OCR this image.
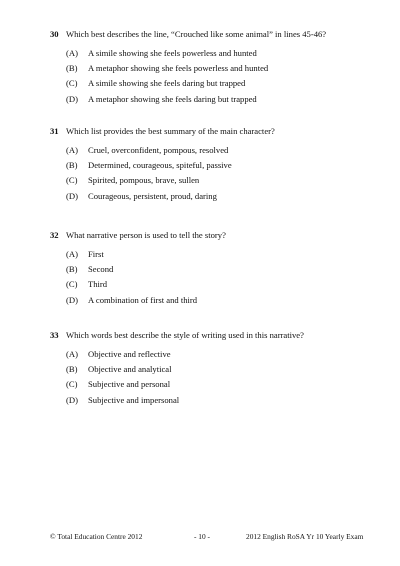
30 Which best describes the line, “Crouched like some animal” in lines 45-46?
(A)	A simile showing she feels powerless and hunted
(B)	A metaphor showing she feels powerless and hunted
(C)	A simile showing she feels daring but trapped
(D)	A metaphor showing she feels daring but trapped
31 Which list provides the best summary of the main character?
(A)	Cruel, overconfident, pompous, resolved
(B)	Determined, courageous, spiteful, passive
(C)	Spirited, pompous, brave, sullen
(D)	Courageous, persistent, proud, daring
32 What narrative person is used to tell the story?
(A)	First
(B)	Second
(C)	Third
(D)	A combination of first and third
33 Which words best describe the style of writing used in this narrative?
(A)	Objective and reflective
(B)	Objective and analytical
(C)	Subjective and personal
(D)	Subjective and impersonal
© Total Education Centre 2012	- 10 -	2012 English RoSA Yr 10 Yearly Exam
